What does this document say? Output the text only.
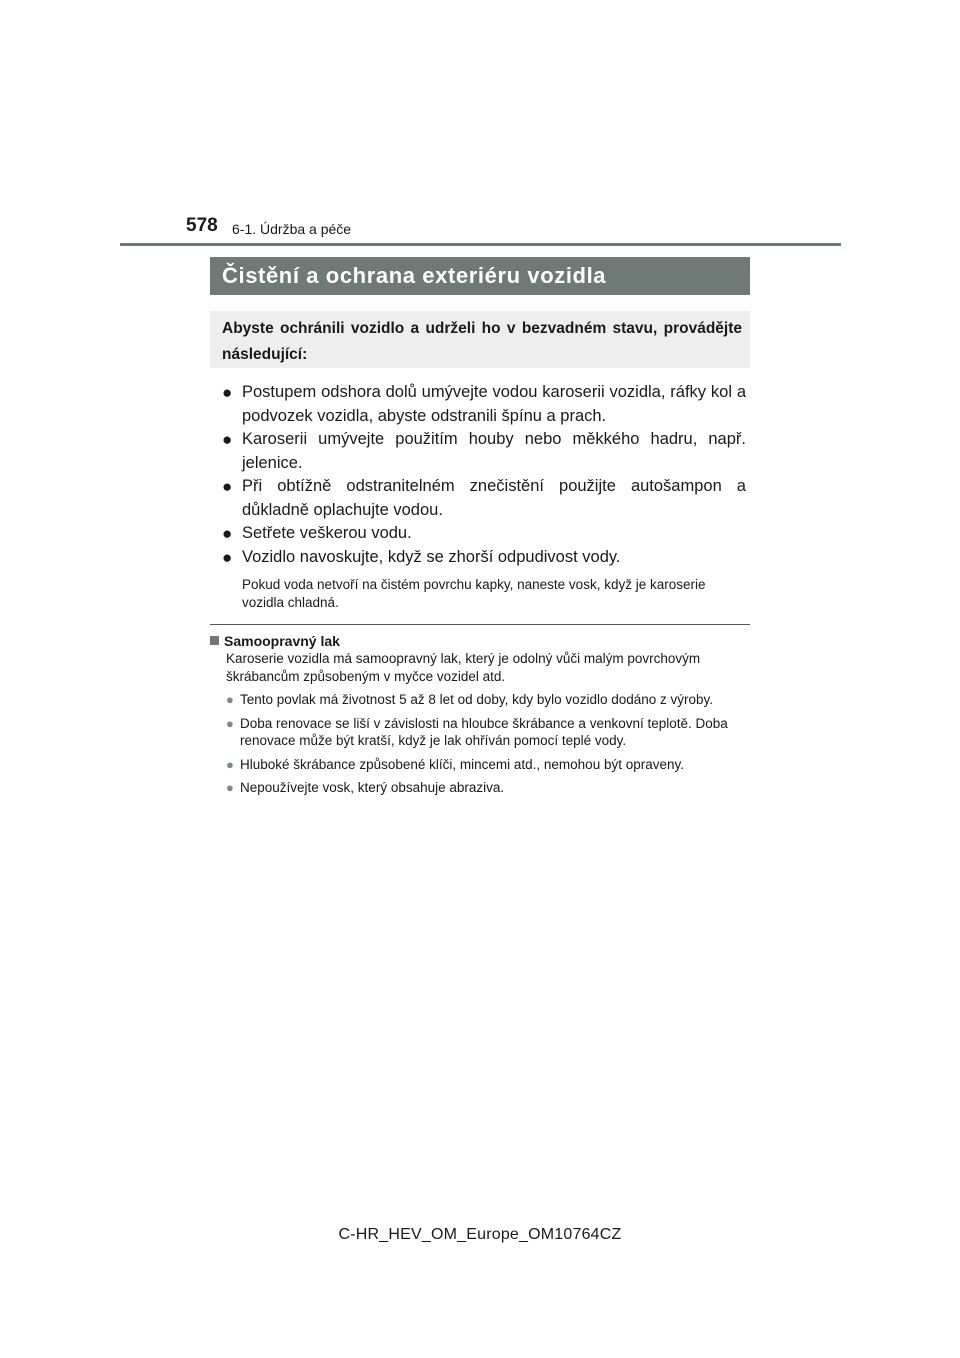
578 6-1. Údržba a péče
Čistění a ochrana exteriéru vozidla

Abyste ochránili vozidlo a udrželi ho v bezvadném stavu, provádějte následující:

● Postupem odshora dolů umývejte vodou karoserii vozidla, ráfky kol a podvozek vozidla, abyste odstranili špínu a prach.
● Karoserii umývejte použitím houby nebo měkkého hadru, např. jelenice.
● Při obtížně odstranitelném znečistění použijte autošampon a důkladně oplachujte vodou.
● Setřete veškerou vodu.
● Vozidlo navoskujte, když se zhorší odpudivost vody.

Pokud voda netvoří na čistém povrchu kapky, naneste vosk, když je karoserie vozidla chladná.

Samoopravný lak

Karoserie vozidla má samoopravný lak, který je odolný vůči malým povrchovým škrábancům způsobeným v myčce vozidel atd.

● Tento povlak má životnost 5 až 8 let od doby, kdy bylo vozidlo dodáno z výroby.
● Doba renovace se liší v závislosti na hloubce škrábance a venkovní teplotě. Doba renovace může být kratší, když je lak ohříván pomocí teplé vody.
● Hluboké škrábance způsobené klíči, mincemi atd., nemohou být opraveny.
● Nepoužívejte vosk, který obsahuje abraziva.
C-HR_HEV_OM_Europe_OM10764CZ
